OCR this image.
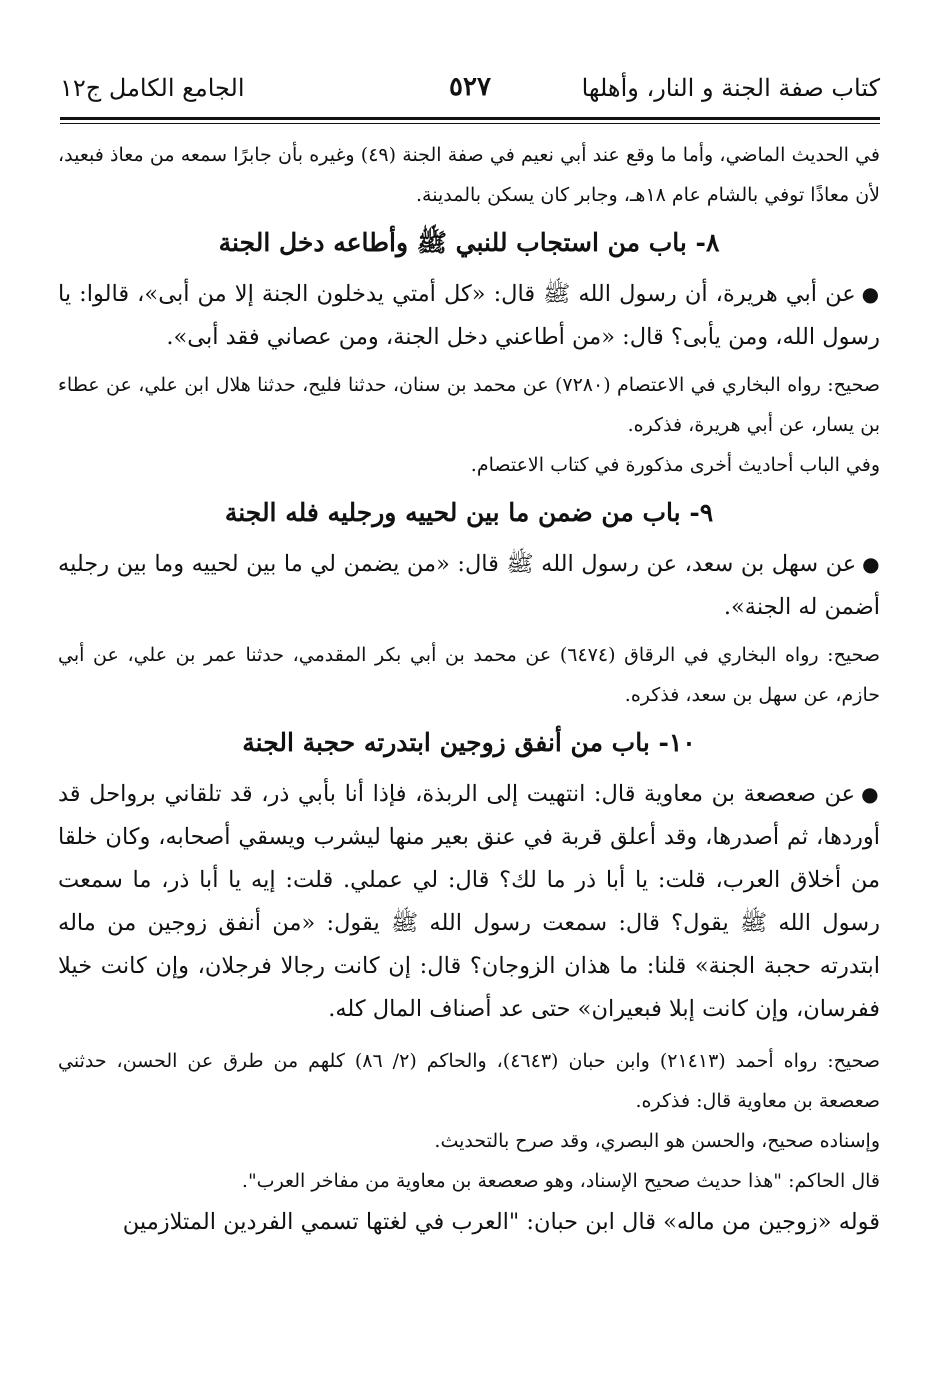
كتاب صفة الجنة و النار، وأهلها
٥٢٧
الجامع الكامل ج١٢

في الحديث الماضي، وأما ما وقع عند أبي نعيم في صفة الجنة (٤٩) وغيره بأن جابرًا سمعه من معاذ فبعيد، لأن معاذًا توفي بالشام عام ١٨هـ، وجابر كان يسكن بالمدينة.

٨- باب من استجاب للنبي ﷺ وأطاعه دخل الجنة

●عن أبي هريرة، أن رسول الله ﷺ قال: «كل أمتي يدخلون الجنة إلا من أبى»، قالوا: يا رسول الله، ومن يأبى؟ قال: «من أطاعني دخل الجنة، ومن عصاني فقد أبى».

صحيح: رواه البخاري في الاعتصام (٧٢٨٠) عن محمد بن سنان، حدثنا فليح، حدثنا هلال ابن علي، عن عطاء بن يسار، عن أبي هريرة، فذكره.

وفي الباب أحاديث أخرى مذكورة في كتاب الاعتصام.

٩- باب من ضمن ما بين لحييه ورجليه فله الجنة

●عن سهل بن سعد، عن رسول الله ﷺ قال: «من يضمن لي ما بين لحييه وما بين رجليه أضمن له الجنة».

صحيح: رواه البخاري في الرقاق (٦٤٧٤) عن محمد بن أبي بكر المقدمي، حدثنا عمر بن علي، عن أبي حازم، عن سهل بن سعد، فذكره.

١٠- باب من أنفق زوجين ابتدرته حجبة الجنة

●عن صعصعة بن معاوية قال: انتهيت إلى الربذة، فإذا أنا بأبي ذر، قد تلقاني برواحل قد أوردها، ثم أصدرها، وقد أعلق قربة في عنق بعير منها ليشرب ويسقي أصحابه، وكان خلقا من أخلاق العرب، قلت: يا أبا ذر ما لك؟ قال: لي عملي. قلت: إيه يا أبا ذر، ما سمعت رسول الله ﷺ يقول؟ قال: سمعت رسول الله ﷺ يقول: «من أنفق زوجين من ماله ابتدرته حجبة الجنة» قلنا: ما هذان الزوجان؟ قال: إن كانت رجالا فرجلان، وإن كانت خيلا ففرسان، وإن كانت إبلا فبعيران» حتى عد أصناف المال كله.

صحيح: رواه أحمد (٢١٤١٣) وابن حبان (٤٦٤٣)، والحاكم (٢/ ٨٦) كلهم من طرق عن الحسن، حدثني صعصعة بن معاوية قال: فذكره.

وإسناده صحيح، والحسن هو البصري، وقد صرح بالتحديث.

قال الحاكم: "هذا حديث صحيح الإسناد، وهو صعصعة بن معاوية من مفاخر العرب".

قوله «زوجين من ماله» قال ابن حبان: "العرب في لغتها تسمي الفردين المتلازمين
